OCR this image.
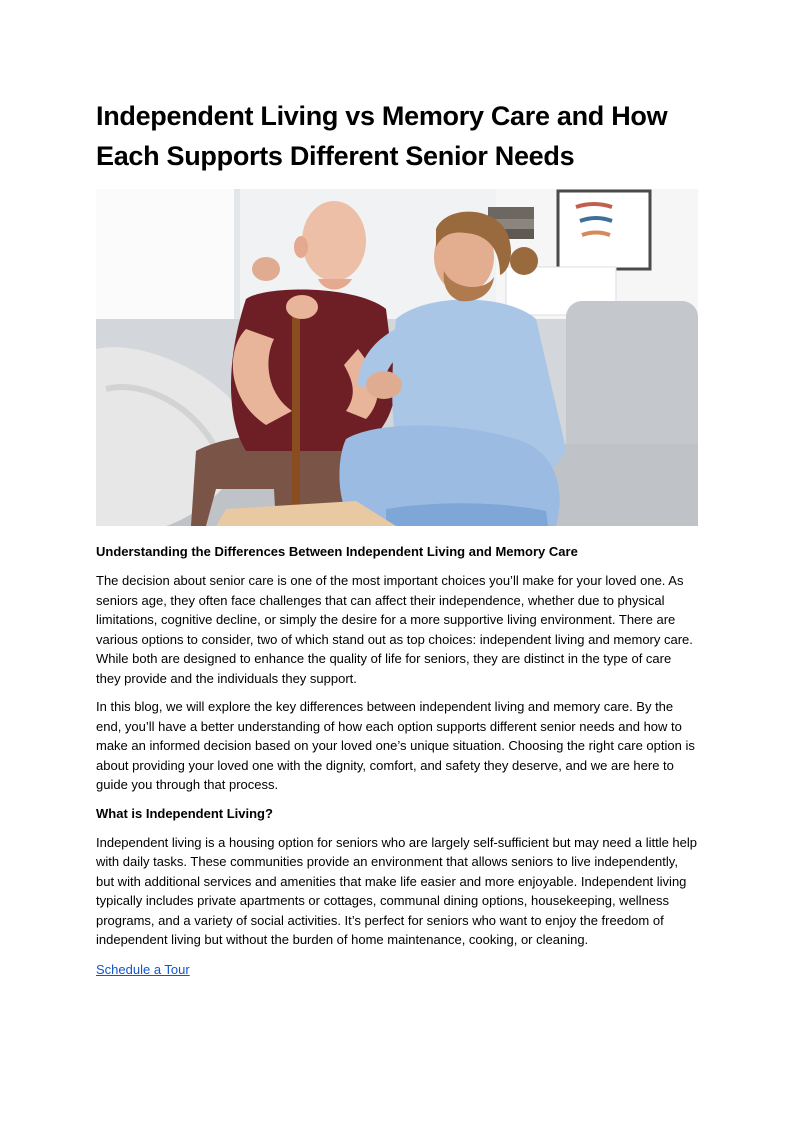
Independent Living vs Memory Care and How Each Supports Different Senior Needs
Understanding the Differences Between Independent Living and Memory Care

The decision about senior care is one of the most important choices you’ll make for your loved one. As seniors age, they often face challenges that can affect their independence, whether due to physical limitations, cognitive decline, or simply the desire for a more supportive living environment. There are various options to consider, two of which stand out as top choices: independent living and memory care. While both are designed to enhance the quality of life for seniors, they are distinct in the type of care they provide and the individuals they support.

In this blog, we will explore the key differences between independent living and memory care. By the end, you’ll have a better understanding of how each option supports different senior needs and how to make an informed decision based on your loved one’s unique situation. Choosing the right care option is about providing your loved one with the dignity, comfort, and safety they deserve, and we are here to guide you through that process.

What is Independent Living?

Independent living is a housing option for seniors who are largely self-sufficient but may need a little help with daily tasks. These communities provide an environment that allows seniors to live independently, but with additional services and amenities that make life easier and more enjoyable. Independent living typically includes private apartments or cottages, communal dining options, housekeeping, wellness programs, and a variety of social activities. It’s perfect for seniors who want to enjoy the freedom of independent living but without the burden of home maintenance, cooking, or cleaning.

Schedule a Tour
